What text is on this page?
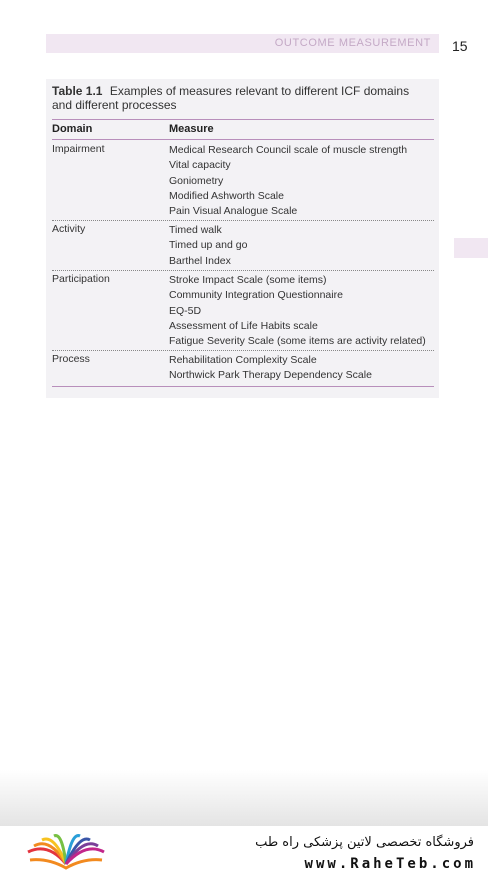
OUTCOME MEASUREMENT 15
Table 1.1 Examples of measures relevant to different ICF domains and different processes
Domain	Measure
Impairment	Medical Research Council scale of muscle strength
Vital capacity
Goniometry
Modified Ashworth Scale
Pain Visual Analogue Scale
Activity	Timed walk
Timed up and go
Barthel Index
Participation	Stroke Impact Scale (some items)
Community Integration Questionnaire
EQ-5D
Assessment of Life Habits scale
Fatigue Severity Scale (some items are activity related)
Process	Rehabilitation Complexity Scale
Northwick Park Therapy Dependency Scale
فروشگاه تخصصی لاتین پزشکی راه طب
www.RaheTeb.com
